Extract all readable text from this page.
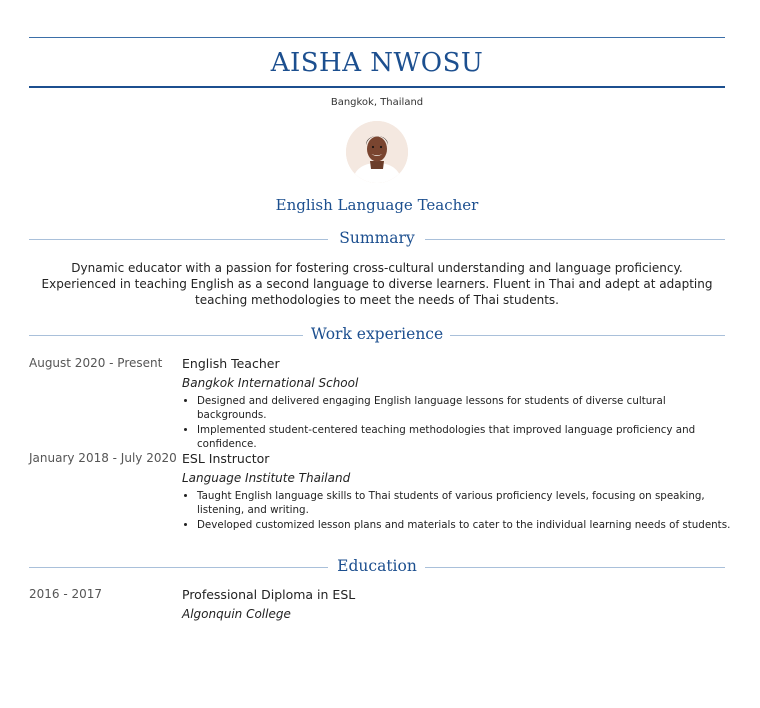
AISHA NWOSU
Bangkok, Thailand
English Language Teacher
Summary
Dynamic educator with a passion for fostering cross-cultural understanding and language proficiency. Experienced in teaching English as a second language to diverse learners. Fluent in Thai and adept at adapting teaching methodologies to meet the needs of Thai students.
Work experience
August 2020 - Present English Teacher
Bangkok International School
• Designed and delivered engaging English language lessons for students of diverse cultural backgrounds.
• Implemented student-centered teaching methodologies that improved language proficiency and confidence.
January 2018 - July 2020 ESL Instructor
Language Institute Thailand
• Taught English language skills to Thai students of various proficiency levels, focusing on speaking, listening, and writing.
• Developed customized lesson plans and materials to cater to the individual learning needs of students.
Education
2016 - 2017	Professional Diploma in ESL
Algonquin College
